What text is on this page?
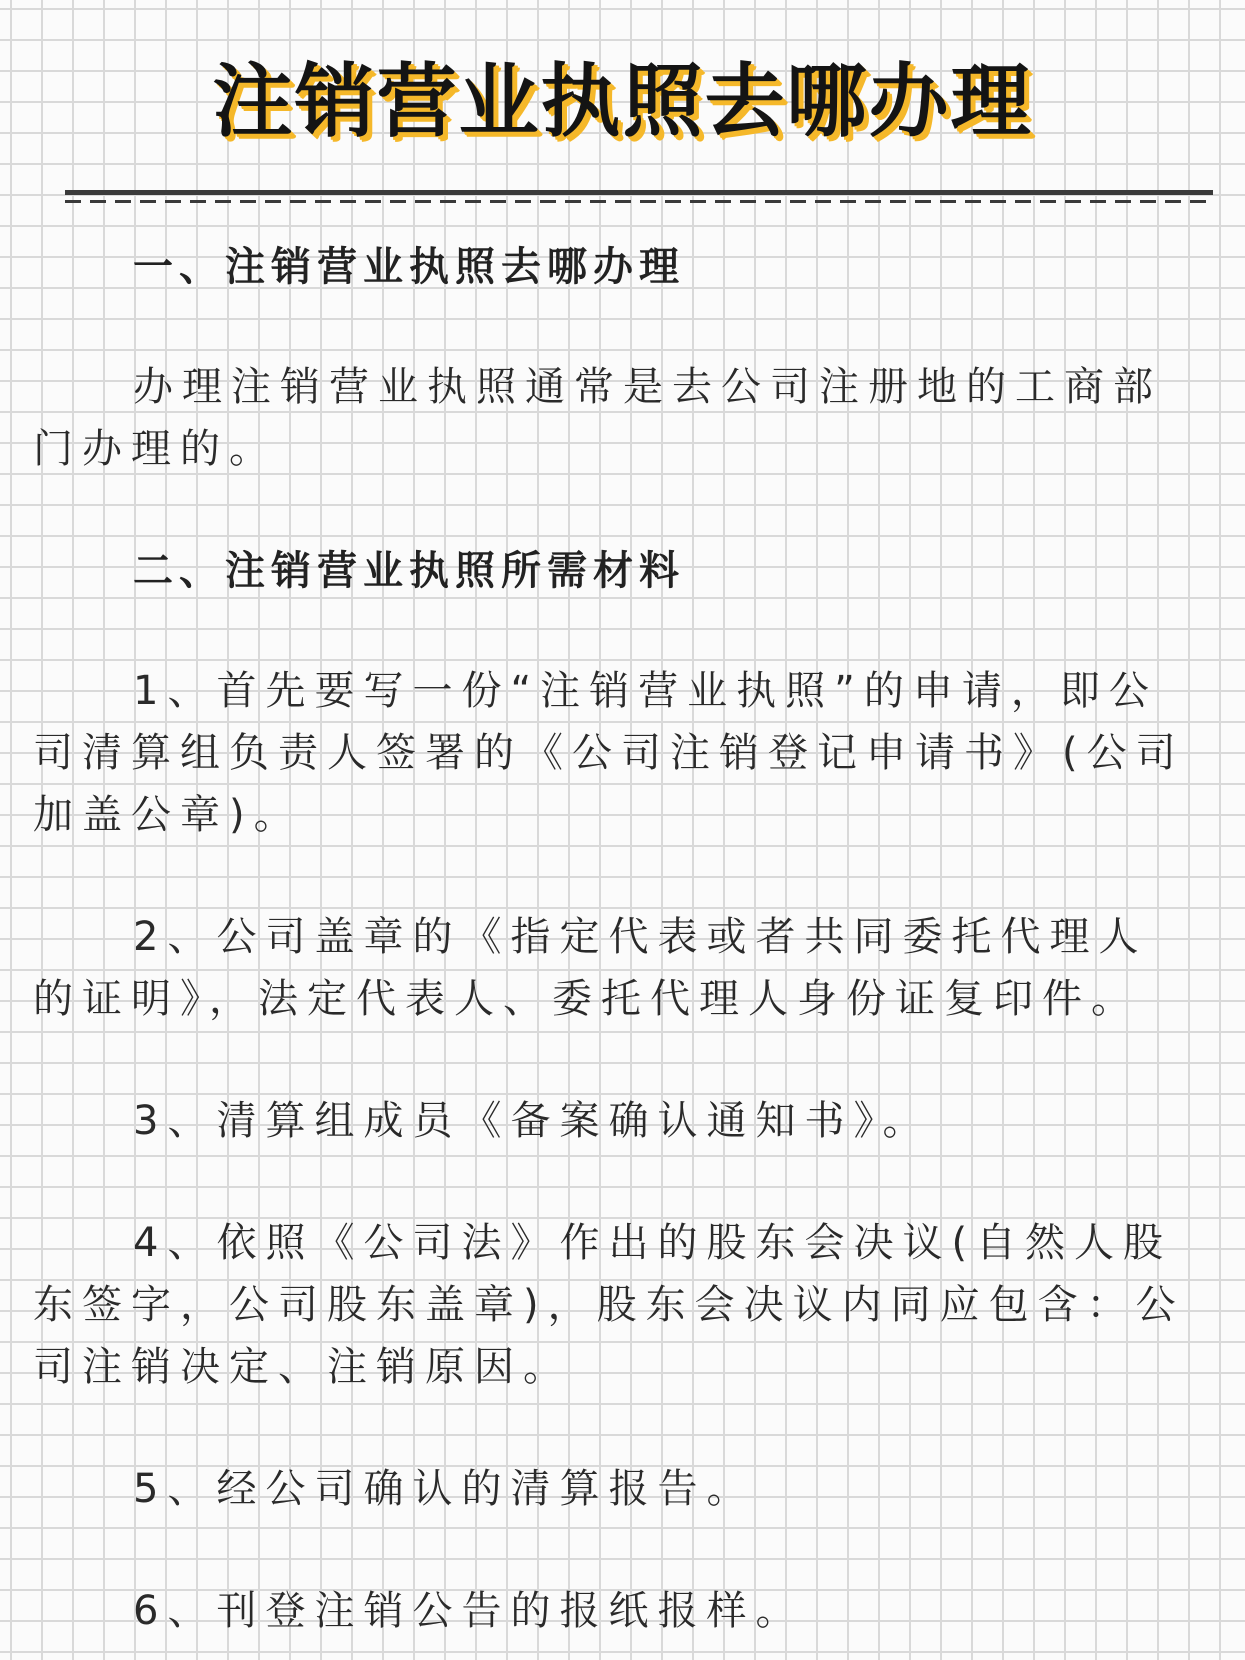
注销营业执照去哪办理
一、注销营业执照去哪办理

办理注销营业执照通常是去公司注册地的工商部门办理的。

二、注销营业执照所需材料

1、首先要写一份“注销营业执照”的申请，即公司清算组负责人签署的《公司注销登记申请书》(公司加盖公章)。

2、公司盖章的《指定代表或者共同委托代理人的证明》，法定代表人、委托代理人身份证复印件。

3、清算组成员《备案确认通知书》。

4、依照《公司法》作出的股东会决议(自然人股东签字，公司股东盖章)，股东会决议内同应包含：公司注销决定、注销原因。

5、经公司确认的清算报告。

6、刊登注销公告的报纸报样。
